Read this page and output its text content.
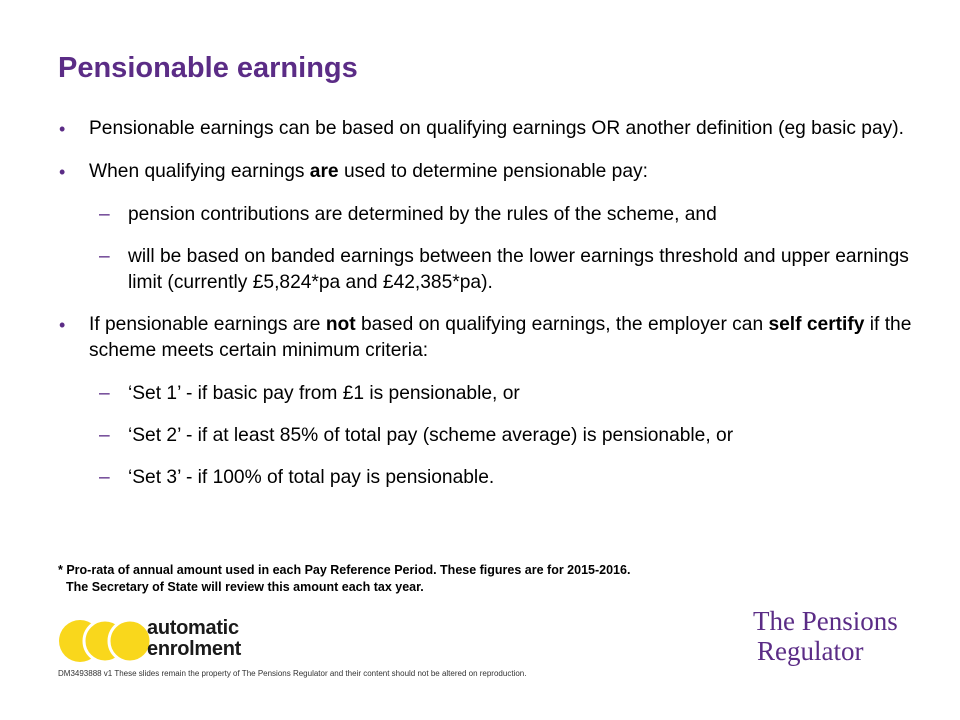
Pensionable earnings
• Pensionable earnings can be based on qualifying earnings OR another definition (eg basic pay).
• When qualifying earnings are used to determine pensionable pay:
– pension contributions are determined by the rules of the scheme, and
– will be based on banded earnings between the lower earnings threshold and upper earnings limit (currently £5,824*pa and £42,385*pa).
• If pensionable earnings are not based on qualifying earnings, the employer can self certify if the scheme meets certain minimum criteria:
– ‘Set 1’ - if basic pay from £1 is pensionable, or
– ‘Set 2’ - if at least 85% of total pay (scheme average) is pensionable, or
– ‘Set 3’ - if 100% of total pay is pensionable.
* Pro-rata of annual amount used in each Pay Reference Period. These figures are for 2015-2016.
The Secretary of State will review this amount each tax year.
automatic
enrolment
The Pensions
Regulator
DM3493888 v1 These slides remain the property of The Pensions Regulator and their content should not be altered on reproduction.
